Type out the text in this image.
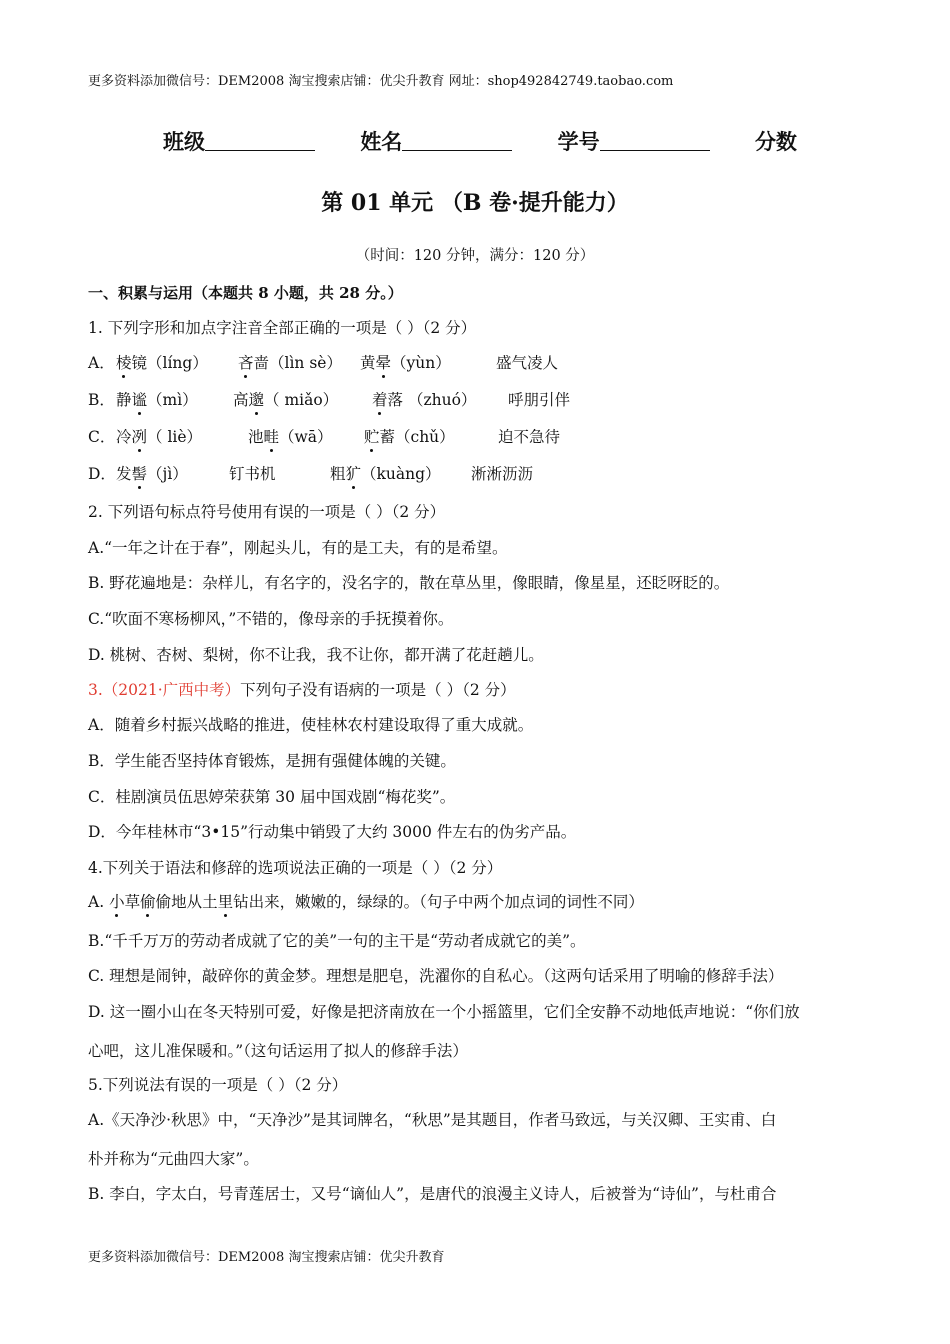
更多资料添加微信号：DEM2008 淘宝搜索店铺：优尖升教育 网址：shop492842749.taobao.com
班级	姓名	学号	分数
第 01 单元 （B 卷·提升能力）
（时间：120 分钟，满分：120 分）
一、积累与运用（本题共 8 小题，共 28 分。）
1. 下列字形和加点字注音全部正确的一项是（ ）（2 分）
A． 棱镜（líng） 吝啬（lìn sè） 黄晕（yùn）	盛气凌人
B． 静谧（mì） 高邈（ miǎo） 着落 （zhuó） 呼朋引伴
C． 冷冽（ liè）	池畦（wā） 贮蓄（chǔ）	迫不急待
D． 发髻（jì）	钉书机	粗犷（kuàng） 淅淅沥沥
2. 下列语句标点符号使用有误的一项是（ ）（2 分）
A.“一年之计在于春”，刚起头儿，有的是工夫，有的是希望。
B. 野花遍地是：杂样儿，有名字的，没名字的，散在草丛里，像眼睛，像星星，还眨呀眨的。
C.“吹面不寒杨柳风，”不错的，像母亲的手抚摸着你。
D. 桃树、杏树、梨树，你不让我，我不让你，都开满了花赶趟儿。
3.（2021·广西中考）下列句子没有语病的一项是（ ）（2 分）
A．随着乡村振兴战略的推进，使桂林农村建设取得了重大成就。
B．学生能否坚持体育锻炼，是拥有强健体魄的关键。
C．桂剧演员伍思婷荣获第 30 届中国戏剧“梅花奖”。
D．今年桂林市“3•15”行动集中销毁了大约 3000 件左右的伪劣产品。
4.下列关于语法和修辞的选项说法正确的一项是（ ）（2 分）
A. 小草偷偷地从土里钻出来，嫩嫩的，绿绿的。（句子中两个加点词的词性不同）
B.“千千万万的劳动者成就了它的美”一句的主干是“劳动者成就它的美”。
C. 理想是闹钟，敲碎你的黄金梦。理想是肥皂，洗濯你的自私心。（这两句话采用了明喻的修辞手法）
D. 这一圈小山在冬天特别可爱，好像是把济南放在一个小摇篮里，它们全安静不动地低声地说：“你们放
心吧，这儿准保暖和。”（这句话运用了拟人的修辞手法）
5.下列说法有误的一项是（ ）（2 分）
A.《天净沙·秋思》中，“天净沙”是其词牌名，“秋思”是其题目，作者马致远，与关汉卿、王实甫、白
朴并称为“元曲四大家”。
B. 李白，字太白，号青莲居士，又号“谪仙人”，是唐代的浪漫主义诗人，后被誉为“诗仙”，与杜甫合
更多资料添加微信号：DEM2008 淘宝搜索店铺：优尖升教育
